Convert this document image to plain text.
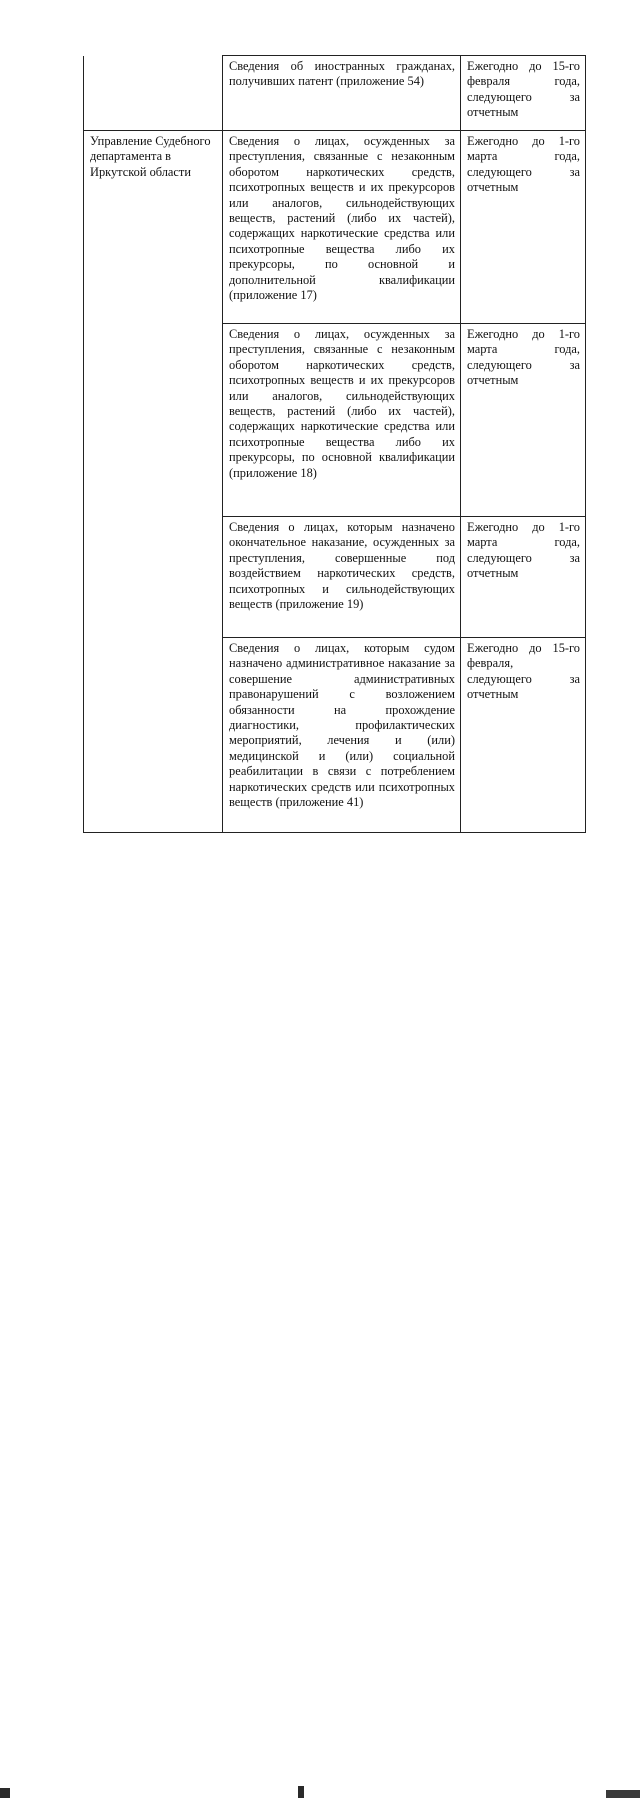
	Сведения об иностранных гражданах, получивших патент (приложение 54)	Ежегодно до 15-го февраля года, следующего за отчетным
Управление Судебного департамента в Иркутской области	Сведения о лицах, осужденных за преступления, связанные с незаконным оборотом наркотических средств, психотропных веществ и их прекурсоров или аналогов, сильнодействующих веществ, растений (либо их частей), содержащих наркотические средства или психотропные вещества либо их прекурсоры, по основной и дополнительной квалификации (приложение 17)	Ежегодно до 1-го марта года, следующего за отчетным
	Сведения о лицах, осужденных за преступления, связанные с незаконным оборотом наркотических средств, психотропных веществ и их прекурсоров или аналогов, сильнодействующих веществ, растений (либо их частей), содержащих наркотические средства или психотропные вещества либо их прекурсоры, по основной квалификации (приложение 18)	Ежегодно до 1-го марта года, следующего за отчетным
	Сведения о лицах, которым назначено окончательное наказание, осужденных за преступления, совершенные под воздействием наркотических средств, психотропных и сильнодействующих веществ (приложение 19)	Ежегодно до 1-го марта года, следующего за отчетным
	Сведения о лицах, которым судом назначено административное наказание за совершение административных правонарушений с возложением обязанности на прохождение диагностики, профилактических мероприятий, лечения и (или) медицинской и (или) социальной реабилитации в связи с потреблением наркотических средств или психотропных веществ (приложение 41)	Ежегодно до 15-го февраля, следующего за отчетным
